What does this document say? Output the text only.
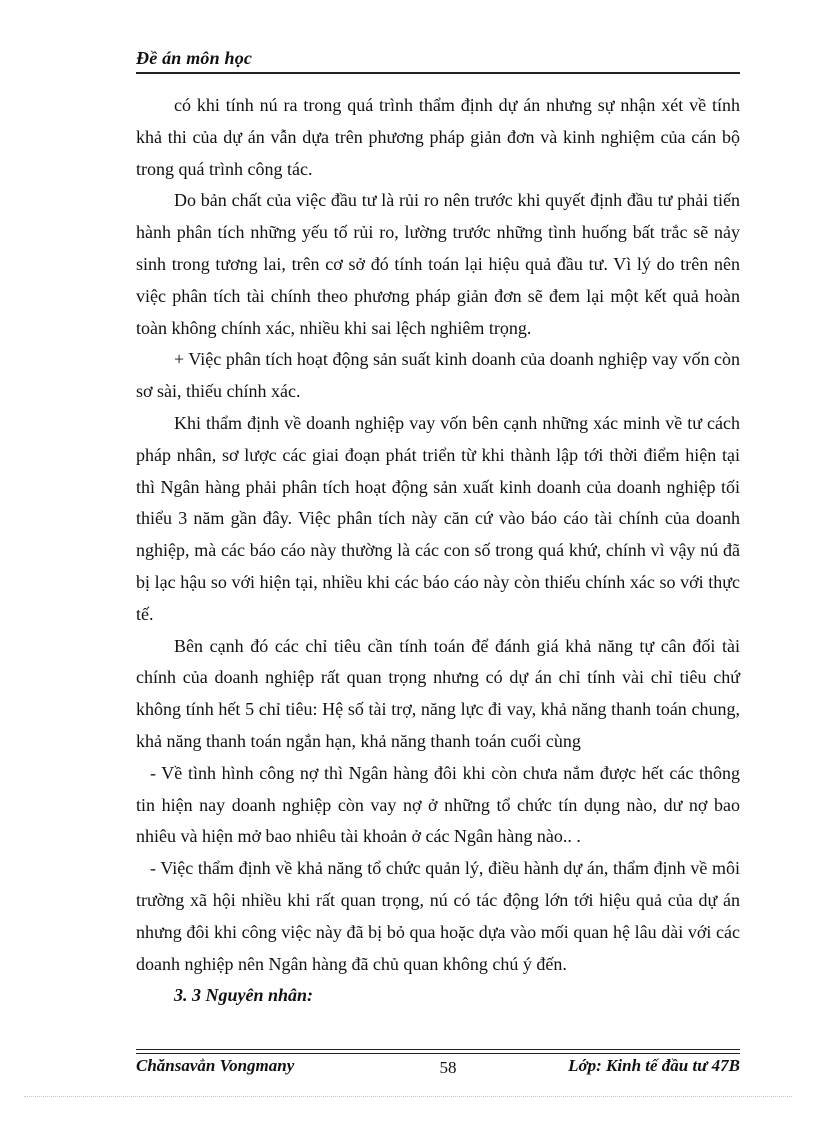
Đề án môn học

có khi tính nú ra trong quá trình thẩm định dự án nhưng sự nhận xét về tính khả thi của dự án vẫn dựa trên phương pháp giản đơn và kinh nghiệm của cán bộ trong quá trình công tác.

Do bản chất của việc đầu tư là rủi ro nên trước khi quyết định đầu tư phải tiến hành phân tích những yếu tố rủi ro, lường trước những tình huống bất trắc sẽ nảy sinh trong tương lai, trên cơ sở đó tính toán lại hiệu quả đầu tư. Vì lý do trên nên việc phân tích tài chính theo phương pháp giản đơn sẽ đem lại một kết quả hoàn toàn không chính xác, nhiều khi sai lệch nghiêm trọng.

+ Việc phân tích hoạt động sản suất kinh doanh của doanh nghiệp vay vốn còn sơ sài, thiếu chính xác.

Khi thẩm định về doanh nghiệp vay vốn bên cạnh những xác minh về tư cách pháp nhân, sơ lược các giai đoạn phát triển từ khi thành lập tới thời điểm hiện tại thì Ngân hàng phải phân tích hoạt động sản xuất kinh doanh của doanh nghiệp tối thiểu 3 năm gần đây. Việc phân tích này căn cứ vào báo cáo tài chính của doanh nghiệp, mà các báo cáo này thường là các con số trong quá khứ, chính vì vậy nú đã bị lạc hậu so với hiện tại, nhiều khi các báo cáo này còn thiếu chính xác so với thực tế.

Bên cạnh đó các chỉ tiêu cần tính toán để đánh giá khả năng tự cân đối tài chính của doanh nghiệp rất quan trọng nhưng có dự án chỉ tính vài chỉ tiêu chứ không tính hết 5 chỉ tiêu: Hệ số tài trợ, năng lực đi vay, khả năng thanh toán chung, khả năng thanh toán ngắn hạn, khả năng thanh toán cuối cùng

- Về tình hình công nợ thì Ngân hàng đôi khi còn chưa nắm được hết các thông tin hiện nay doanh nghiệp còn vay nợ ở những tổ chức tín dụng nào, dư nợ bao nhiêu và hiện mở bao nhiêu tài khoản ở các Ngân hàng nào.. .

- Việc thẩm định về khả năng tổ chức quản lý, điều hành dự án, thẩm định về môi trường xã hội nhiều khi rất quan trọng, nú có tác động lớn tới hiệu quả của dự án nhưng đôi khi công việc này đã bị bỏ qua hoặc dựa vào mối quan hệ lâu dài với các doanh nghiệp nên Ngân hàng đã chủ quan không chú ý đến.

3. 3 Nguyên nhân:

Chănsavẳn Vongmany	58	Lớp: Kinh tế đầu tư 47B
